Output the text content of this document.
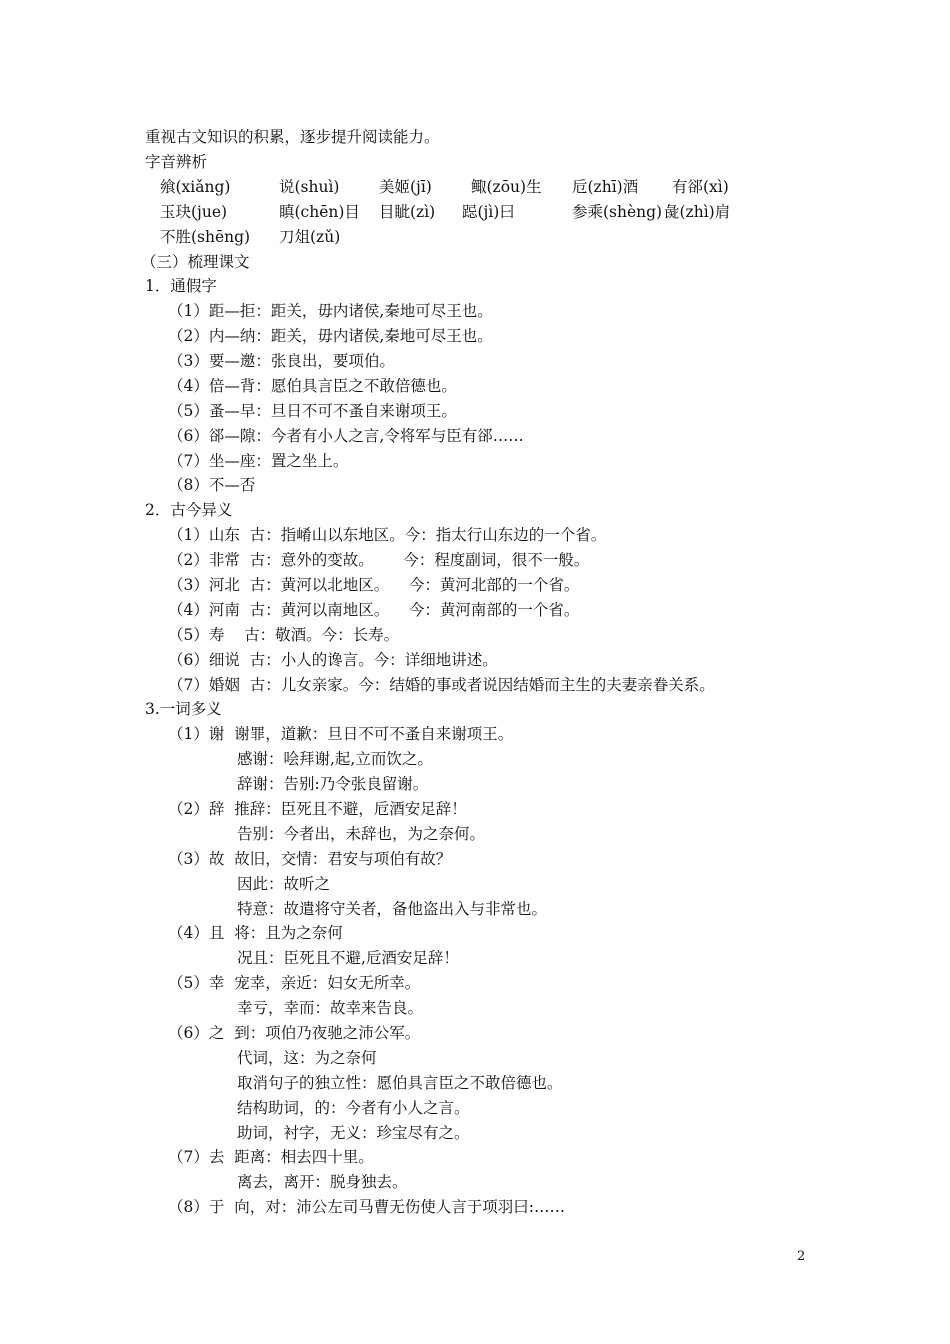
重视古文知识的积累，逐步提升阅读能力。
字音辨析
飨(xiǎng)	说(shuì)	美姬(jī)	鲰(zōu)生 卮(zhī)酒 有郤(xì)
玉玦(jue)	瞋(chēn)目 目眦(zì) 跽(jì)曰	参乘(shèng) 彘(zhì)肩
不胜(shēng) 刀俎(zǔ)
（三）梳理课文
1．通假字
（1）距—拒：距关，毋内诸侯,秦地可尽王也。
（2）内—纳：距关，毋内诸侯,秦地可尽王也。
（3）要—邀：张良出，要项伯。
（4）倍—背：愿伯具言臣之不敢倍德也。
（5）蚤—早：旦日不可不蚤自来谢项王。
（6）郤—隙：今者有小人之言,令将军与臣有郤……
（7）坐—座：置之坐上。
（8）不—否
2．古今异义
（1）山东  古：指崤山以东地区。今：指太行山东边的一个省。
（2）非常  古：意外的变故。      今：程度副词，很不一般。
（3）河北  古：黄河以北地区。    今：黄河北部的一个省。
（4）河南  古：黄河以南地区。    今：黄河南部的一个省。
（5）寿    古：敬酒。今：长寿。
（6）细说  古：小人的谗言。今：详细地讲述。
（7）婚姻  古：儿女亲家。今：结婚的事或者说因结婚而主生的夫妻亲眷关系。
3.一词多义
（1）谢  谢罪，道歉：旦日不可不蚤自来谢项王。
感谢：哙拜谢,起,立而饮之。
辞谢：告别:乃令张良留谢。
（2）辞  推辞：臣死且不避，卮酒安足辞！
告别：今者出，未辞也，为之奈何。
（3）故  故旧，交情：君安与项伯有故？
因此：故听之
特意：故遣将守关者，备他盗出入与非常也。
（4）且  将：且为之奈何
况且：臣死且不避,卮酒安足辞！
（5）幸  宠幸，亲近：妇女无所幸。
幸亏，幸而：故幸来告良。
（6）之  到：项伯乃夜驰之沛公军。
代词，这：为之奈何
取消句子的独立性：愿伯具言臣之不敢倍德也。
结构助词，的：今者有小人之言。
助词，衬字，无义：珍宝尽有之。
（7）去  距离：相去四十里。
离去，离开：脱身独去。
（8）于  向，对：沛公左司马曹无伤使人言于项羽曰:……
2
